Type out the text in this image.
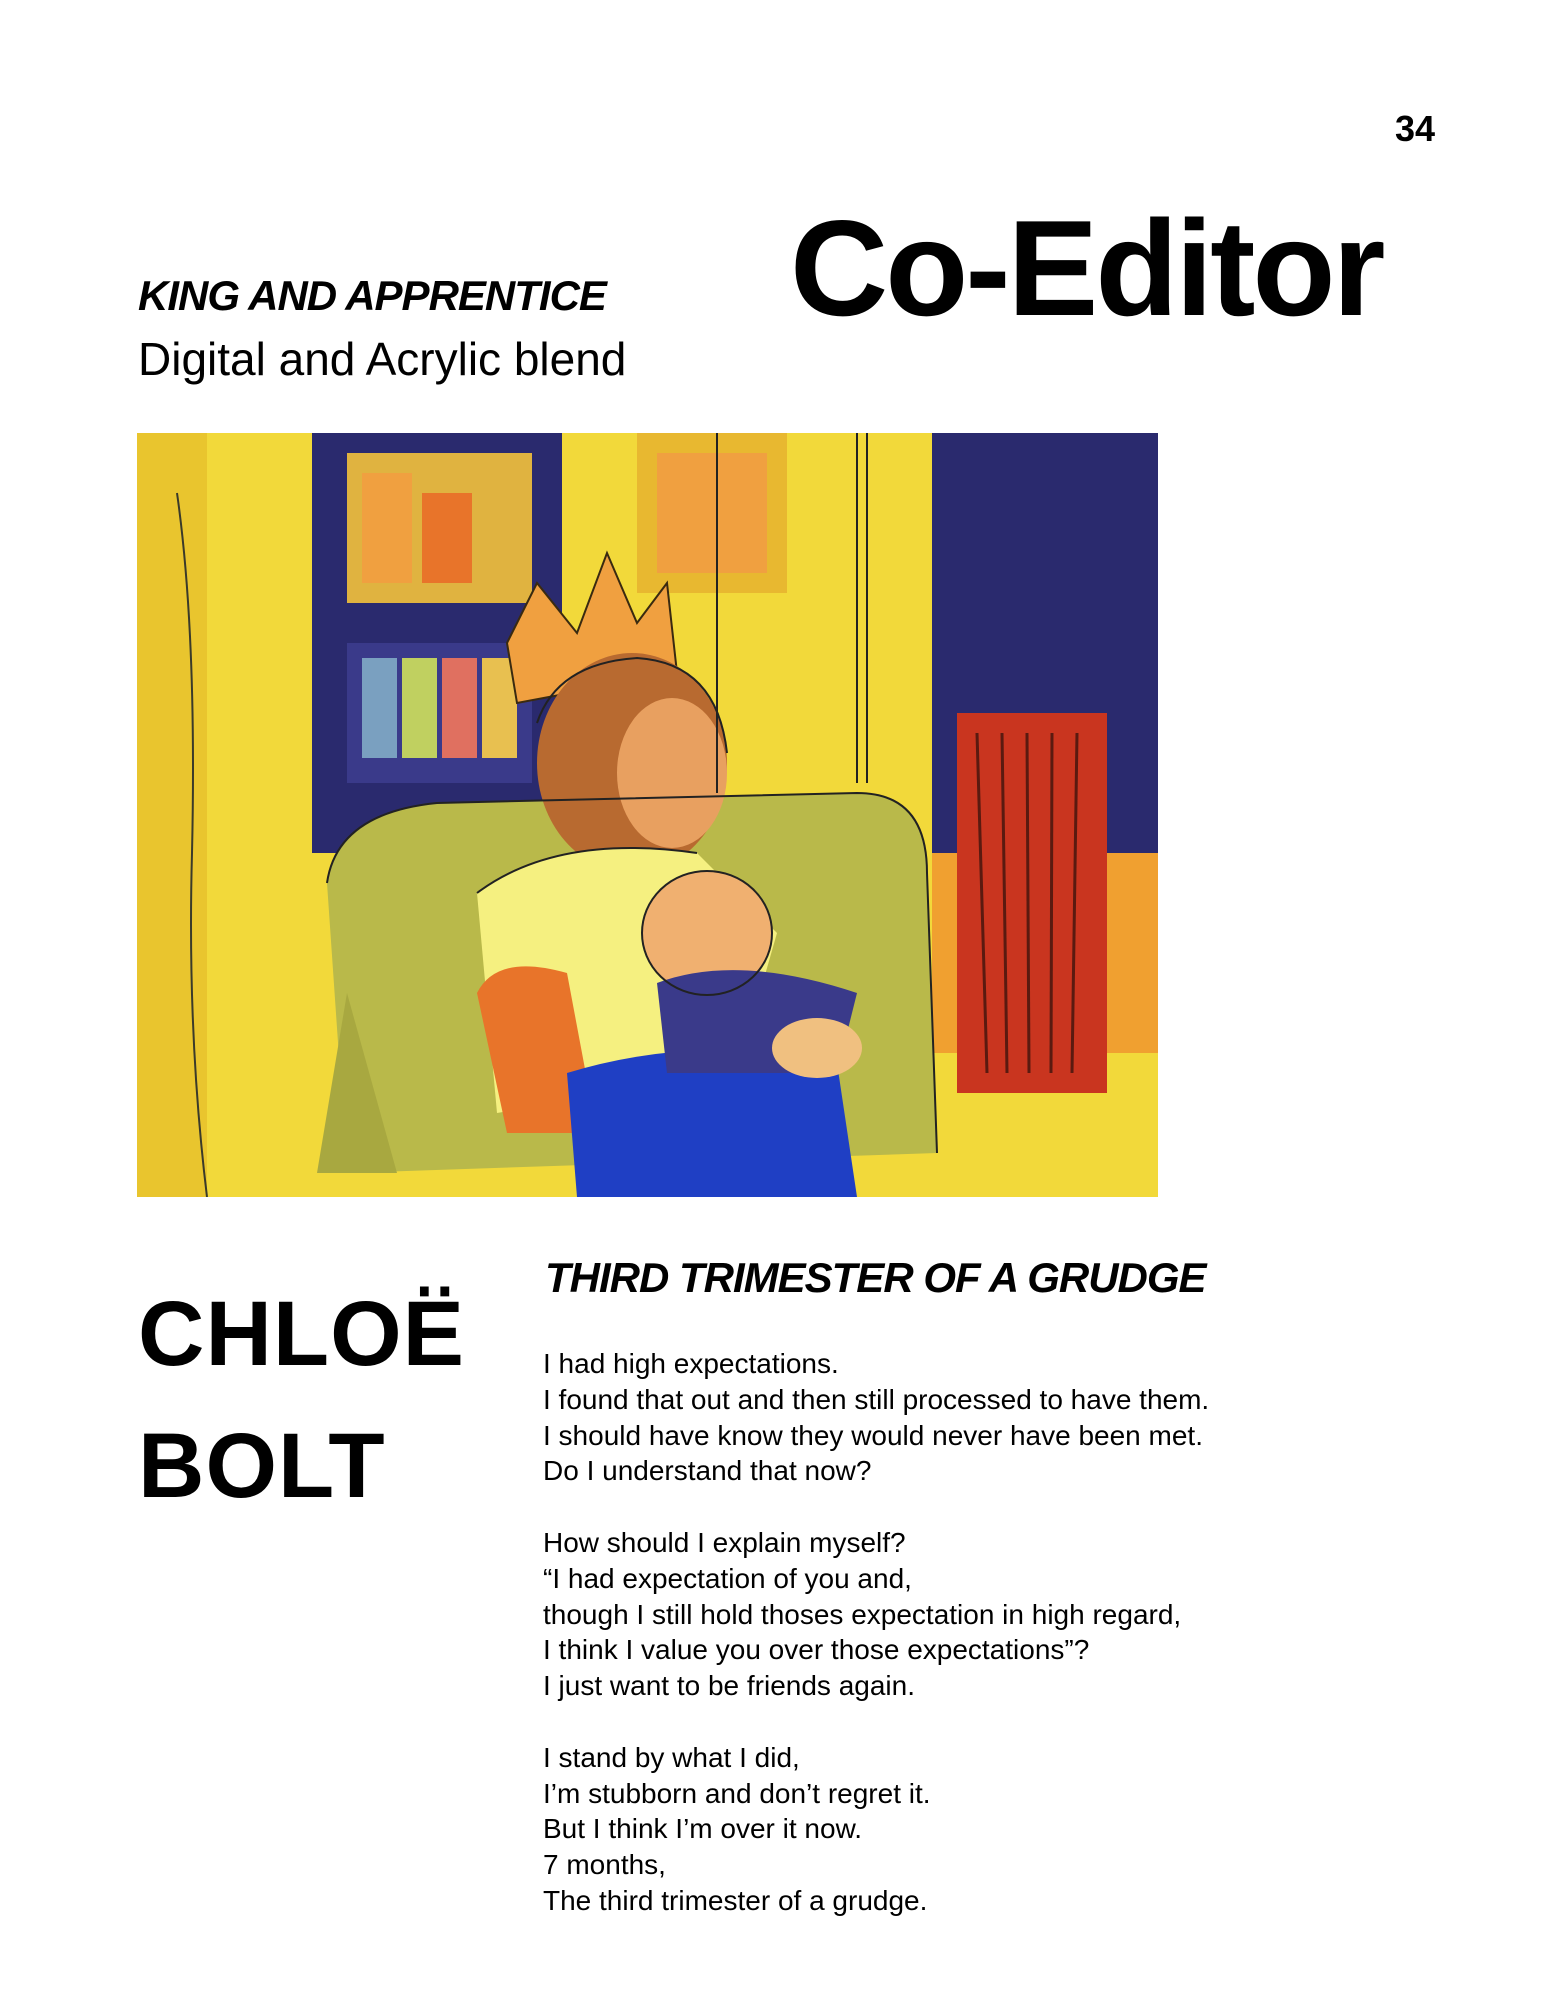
34
Co-Editor
KING AND APPRENTICE
Digital and Acrylic blend
CHLOË
BOLT
THIRD TRIMESTER OF A GRUDGE
I had high expectations.
I found that out and then still processed to have them.
I should have know they would never have been met.
Do I understand that now?
How should I explain myself?
“I had expectation of you and,
though I still hold thoses expectation in high regard,
I think I value you over those expectations”?
I just want to be friends again.
I stand by what I did,
I’m stubborn and don’t regret it.
But I think I’m over it now.
7 months,
The third trimester of a grudge.
